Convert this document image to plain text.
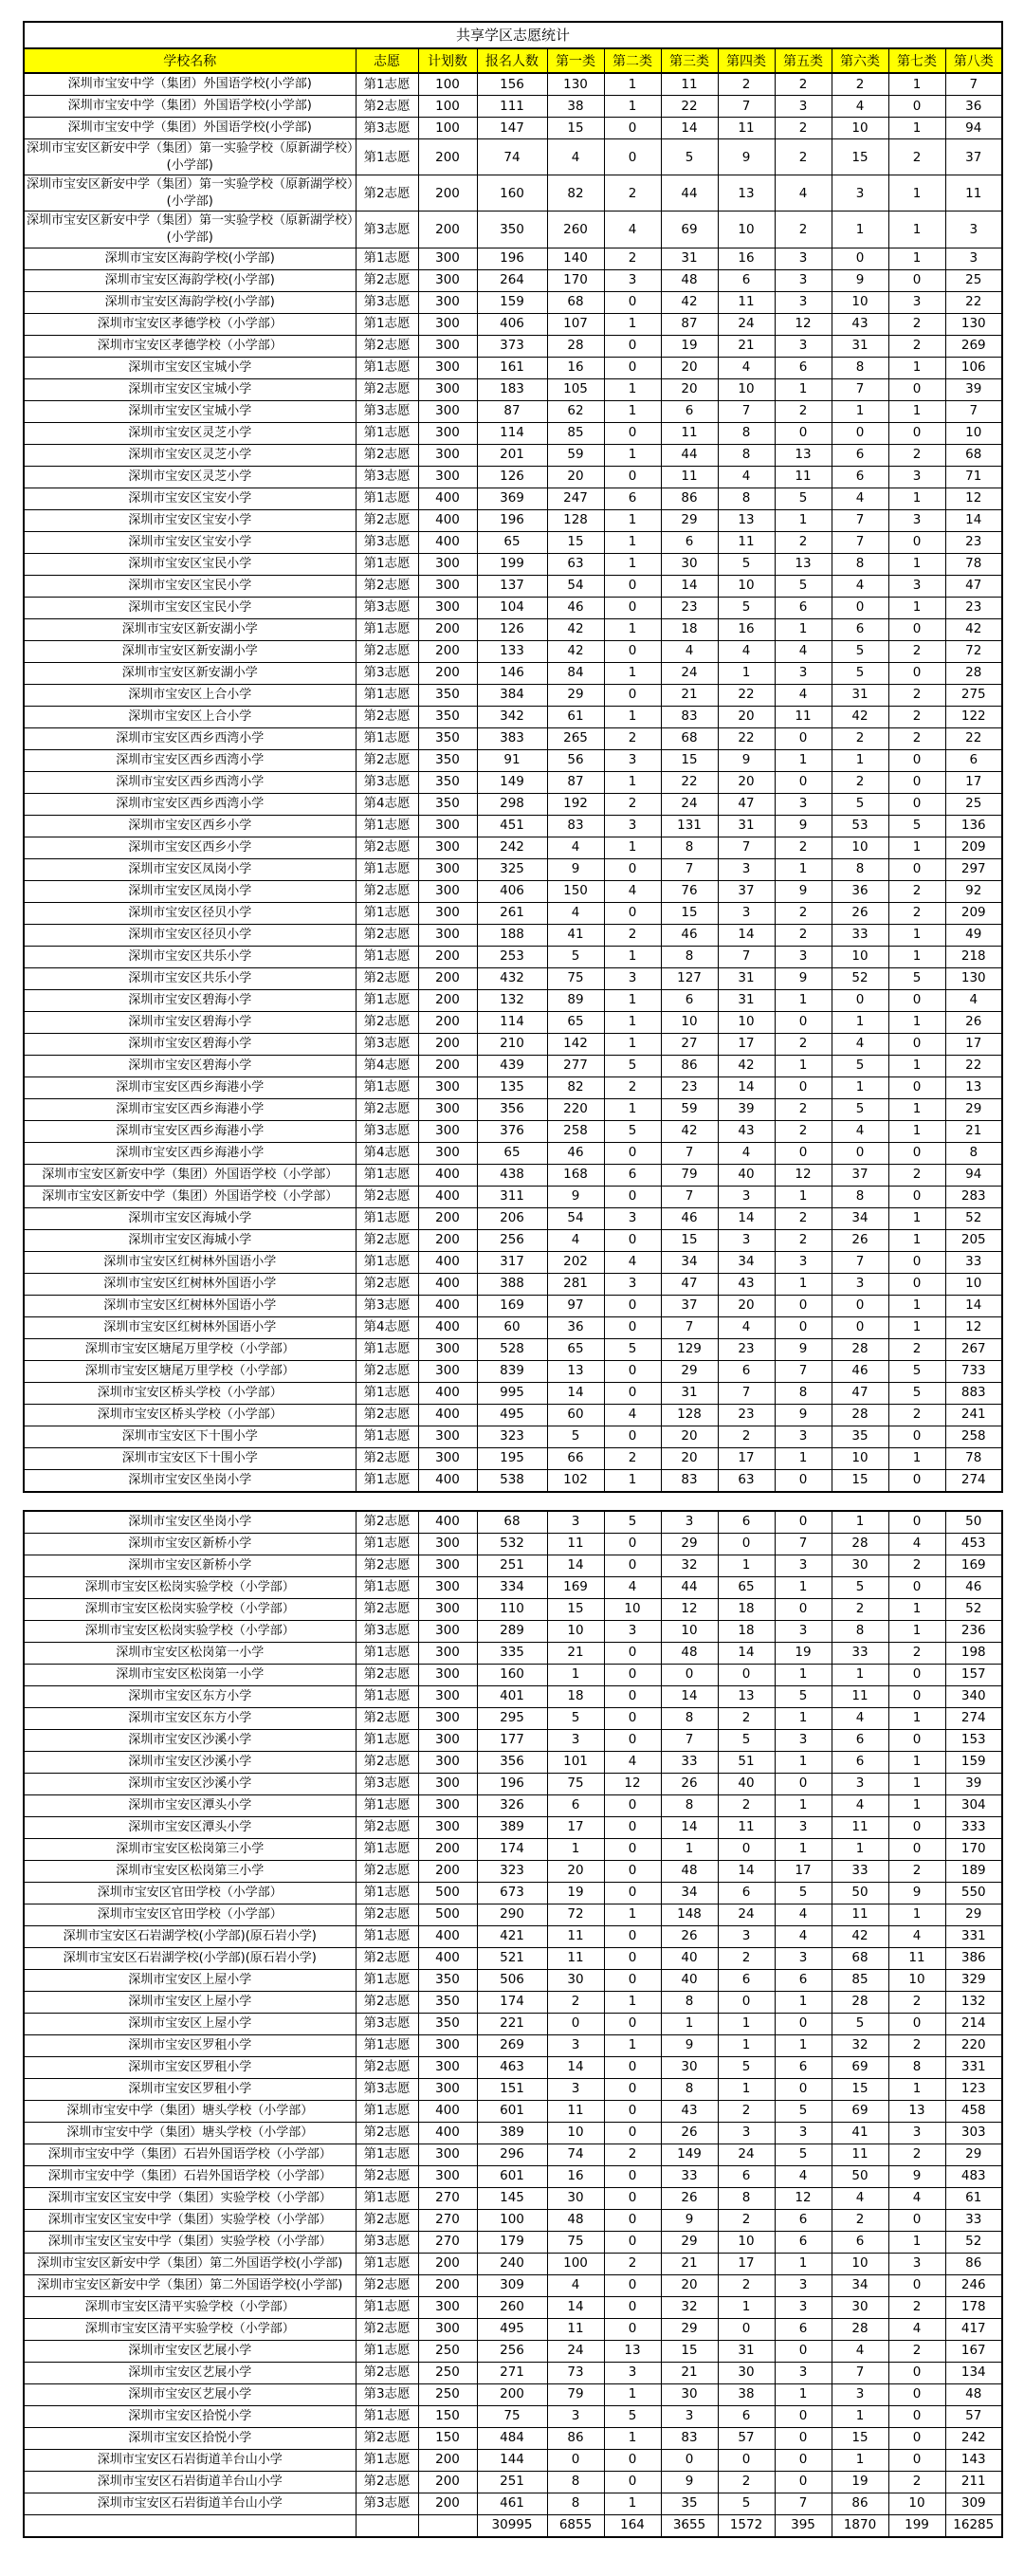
共享学区志愿统计											
学校名称	志愿	计划数	报名人数	第一类	第二类	第三类	第四类	第五类	第六类	第七类	第八类
深圳市宝安中学（集团）外国语学校(小学部)	第1志愿	100	156	130	1	11	2	2	2	1	7
深圳市宝安中学（集团）外国语学校(小学部)	第2志愿	100	111	38	1	22	7	3	4	0	36
深圳市宝安中学（集团）外国语学校(小学部)	第3志愿	100	147	15	0	14	11	2	10	1	94
深圳市宝安区新安中学（集团）第一实验学校（原新湖学校）(小学部)	第1志愿	200	74	4	0	5	9	2	15	2	37
深圳市宝安区新安中学（集团）第一实验学校（原新湖学校）(小学部)	第2志愿	200	160	82	2	44	13	4	3	1	11
深圳市宝安区新安中学（集团）第一实验学校（原新湖学校）(小学部)	第3志愿	200	350	260	4	69	10	2	1	1	3
深圳市宝安区海韵学校(小学部)	第1志愿	300	196	140	2	31	16	3	0	1	3
深圳市宝安区海韵学校(小学部)	第2志愿	300	264	170	3	48	6	3	9	0	25
深圳市宝安区海韵学校(小学部)	第3志愿	300	159	68	0	42	11	3	10	3	22
深圳市宝安区孝德学校（小学部）	第1志愿	300	406	107	1	87	24	12	43	2	130
深圳市宝安区孝德学校（小学部）	第2志愿	300	373	28	0	19	21	3	31	2	269
深圳市宝安区宝城小学	第1志愿	300	161	16	0	20	4	6	8	1	106
深圳市宝安区宝城小学	第2志愿	300	183	105	1	20	10	1	7	0	39
深圳市宝安区宝城小学	第3志愿	300	87	62	1	6	7	2	1	1	7
深圳市宝安区灵芝小学	第1志愿	300	114	85	0	11	8	0	0	0	10
深圳市宝安区灵芝小学	第2志愿	300	201	59	1	44	8	13	6	2	68
深圳市宝安区灵芝小学	第3志愿	300	126	20	0	11	4	11	6	3	71
深圳市宝安区宝安小学	第1志愿	400	369	247	6	86	8	5	4	1	12
深圳市宝安区宝安小学	第2志愿	400	196	128	1	29	13	1	7	3	14
深圳市宝安区宝安小学	第3志愿	400	65	15	1	6	11	2	7	0	23
深圳市宝安区宝民小学	第1志愿	300	199	63	1	30	5	13	8	1	78
深圳市宝安区宝民小学	第2志愿	300	137	54	0	14	10	5	4	3	47
深圳市宝安区宝民小学	第3志愿	300	104	46	0	23	5	6	0	1	23
深圳市宝安区新安湖小学	第1志愿	200	126	42	1	18	16	1	6	0	42
深圳市宝安区新安湖小学	第2志愿	200	133	42	0	4	4	4	5	2	72
深圳市宝安区新安湖小学	第3志愿	200	146	84	1	24	1	3	5	0	28
深圳市宝安区上合小学	第1志愿	350	384	29	0	21	22	4	31	2	275
深圳市宝安区上合小学	第2志愿	350	342	61	1	83	20	11	42	2	122
深圳市宝安区西乡西湾小学	第1志愿	350	383	265	2	68	22	0	2	2	22
深圳市宝安区西乡西湾小学	第2志愿	350	91	56	3	15	9	1	1	0	6
深圳市宝安区西乡西湾小学	第3志愿	350	149	87	1	22	20	0	2	0	17
深圳市宝安区西乡西湾小学	第4志愿	350	298	192	2	24	47	3	5	0	25
深圳市宝安区西乡小学	第1志愿	300	451	83	3	131	31	9	53	5	136
深圳市宝安区西乡小学	第2志愿	300	242	4	1	8	7	2	10	1	209
深圳市宝安区凤岗小学	第1志愿	300	325	9	0	7	3	1	8	0	297
深圳市宝安区凤岗小学	第2志愿	300	406	150	4	76	37	9	36	2	92
深圳市宝安区径贝小学	第1志愿	300	261	4	0	15	3	2	26	2	209
深圳市宝安区径贝小学	第2志愿	300	188	41	2	46	14	2	33	1	49
深圳市宝安区共乐小学	第1志愿	200	253	5	1	8	7	3	10	1	218
深圳市宝安区共乐小学	第2志愿	200	432	75	3	127	31	9	52	5	130
深圳市宝安区碧海小学	第1志愿	200	132	89	1	6	31	1	0	0	4
深圳市宝安区碧海小学	第2志愿	200	114	65	1	10	10	0	1	1	26
深圳市宝安区碧海小学	第3志愿	200	210	142	1	27	17	2	4	0	17
深圳市宝安区碧海小学	第4志愿	200	439	277	5	86	42	1	5	1	22
深圳市宝安区西乡海港小学	第1志愿	300	135	82	2	23	14	0	1	0	13
深圳市宝安区西乡海港小学	第2志愿	300	356	220	1	59	39	2	5	1	29
深圳市宝安区西乡海港小学	第3志愿	300	376	258	5	42	43	2	4	1	21
深圳市宝安区西乡海港小学	第4志愿	300	65	46	0	7	4	0	0	0	8
深圳市宝安区新安中学（集团）外国语学校（小学部）	第1志愿	400	438	168	6	79	40	12	37	2	94
深圳市宝安区新安中学（集团）外国语学校（小学部）	第2志愿	400	311	9	0	7	3	1	8	0	283
深圳市宝安区海城小学	第1志愿	200	206	54	3	46	14	2	34	1	52
深圳市宝安区海城小学	第2志愿	200	256	4	0	15	3	2	26	1	205
深圳市宝安区红树林外国语小学	第1志愿	400	317	202	4	34	34	3	7	0	33
深圳市宝安区红树林外国语小学	第2志愿	400	388	281	3	47	43	1	3	0	10
深圳市宝安区红树林外国语小学	第3志愿	400	169	97	0	37	20	0	0	1	14
深圳市宝安区红树林外国语小学	第4志愿	400	60	36	0	7	4	0	0	1	12
深圳市宝安区塘尾万里学校（小学部）	第1志愿	300	528	65	5	129	23	9	28	2	267
深圳市宝安区塘尾万里学校（小学部）	第2志愿	300	839	13	0	29	6	7	46	5	733
深圳市宝安区桥头学校（小学部）	第1志愿	400	995	14	0	31	7	8	47	5	883
深圳市宝安区桥头学校（小学部）	第2志愿	400	495	60	4	128	23	9	28	2	241
深圳市宝安区下十围小学	第1志愿	300	323	5	0	20	2	3	35	0	258
深圳市宝安区下十围小学	第2志愿	300	195	66	2	20	17	1	10	1	78
深圳市宝安区坐岗小学	第1志愿	400	538	102	1	83	63	0	15	0	274
深圳市宝安区坐岗小学	第2志愿	400	68	3	5	3	6	0	1	0	50
深圳市宝安区新桥小学	第1志愿	300	532	11	0	29	0	7	28	4	453
深圳市宝安区新桥小学	第2志愿	300	251	14	0	32	1	3	30	2	169
深圳市宝安区松岗实验学校（小学部）	第1志愿	300	334	169	4	44	65	1	5	0	46
深圳市宝安区松岗实验学校（小学部）	第2志愿	300	110	15	10	12	18	0	2	1	52
深圳市宝安区松岗实验学校（小学部）	第3志愿	300	289	10	3	10	18	3	8	1	236
深圳市宝安区松岗第一小学	第1志愿	300	335	21	0	48	14	19	33	2	198
深圳市宝安区松岗第一小学	第2志愿	300	160	1	0	0	0	1	1	0	157
深圳市宝安区东方小学	第1志愿	300	401	18	0	14	13	5	11	0	340
深圳市宝安区东方小学	第2志愿	300	295	5	0	8	2	1	4	1	274
深圳市宝安区沙溪小学	第1志愿	300	177	3	0	7	5	3	6	0	153
深圳市宝安区沙溪小学	第2志愿	300	356	101	4	33	51	1	6	1	159
深圳市宝安区沙溪小学	第3志愿	300	196	75	12	26	40	0	3	1	39
深圳市宝安区潭头小学	第1志愿	300	326	6	0	8	2	1	4	1	304
深圳市宝安区潭头小学	第2志愿	300	389	17	0	14	11	3	11	0	333
深圳市宝安区松岗第三小学	第1志愿	200	174	1	0	1	0	1	1	0	170
深圳市宝安区松岗第三小学	第2志愿	200	323	20	0	48	14	17	33	2	189
深圳市宝安区官田学校（小学部）	第1志愿	500	673	19	0	34	6	5	50	9	550
深圳市宝安区官田学校（小学部）	第2志愿	500	290	72	1	148	24	4	11	1	29
深圳市宝安区石岩湖学校(小学部)(原石岩小学)	第1志愿	400	421	11	0	26	3	4	42	4	331
深圳市宝安区石岩湖学校(小学部)(原石岩小学)	第2志愿	400	521	11	0	40	2	3	68	11	386
深圳市宝安区上屋小学	第1志愿	350	506	30	0	40	6	6	85	10	329
深圳市宝安区上屋小学	第2志愿	350	174	2	1	8	0	1	28	2	132
深圳市宝安区上屋小学	第3志愿	350	221	0	0	1	1	0	5	0	214
深圳市宝安区罗租小学	第1志愿	300	269	3	1	9	1	1	32	2	220
深圳市宝安区罗租小学	第2志愿	300	463	14	0	30	5	6	69	8	331
深圳市宝安区罗租小学	第3志愿	300	151	3	0	8	1	0	15	1	123
深圳市宝安中学（集团）塘头学校（小学部）	第1志愿	400	601	11	0	43	2	5	69	13	458
深圳市宝安中学（集团）塘头学校（小学部）	第2志愿	400	389	10	0	26	3	3	41	3	303
深圳市宝安中学（集团）石岩外国语学校（小学部）	第1志愿	300	296	74	2	149	24	5	11	2	29
深圳市宝安中学（集团）石岩外国语学校（小学部）	第2志愿	300	601	16	0	33	6	4	50	9	483
深圳市宝安区宝安中学（集团）实验学校（小学部）	第1志愿	270	145	30	0	26	8	12	4	4	61
深圳市宝安区宝安中学（集团）实验学校（小学部）	第2志愿	270	100	48	0	9	2	6	2	0	33
深圳市宝安区宝安中学（集团）实验学校（小学部）	第3志愿	270	179	75	0	29	10	6	6	1	52
深圳市宝安区新安中学（集团）第二外国语学校(小学部)	第1志愿	200	240	100	2	21	17	1	10	3	86
深圳市宝安区新安中学（集团）第二外国语学校(小学部)	第2志愿	200	309	4	0	20	2	3	34	0	246
深圳市宝安区清平实验学校（小学部）	第1志愿	300	260	14	0	32	1	3	30	2	178
深圳市宝安区清平实验学校（小学部）	第2志愿	300	495	11	0	29	0	6	28	4	417
深圳市宝安区艺展小学	第1志愿	250	256	24	13	15	31	0	4	2	167
深圳市宝安区艺展小学	第2志愿	250	271	73	3	21	30	3	7	0	134
深圳市宝安区艺展小学	第3志愿	250	200	79	1	30	38	1	3	0	48
深圳市宝安区拾悦小学	第1志愿	150	75	3	5	3	6	0	1	0	57
深圳市宝安区拾悦小学	第2志愿	150	484	86	1	83	57	0	15	0	242
深圳市宝安区石岩街道羊台山小学	第1志愿	200	144	0	0	0	0	0	1	0	143
深圳市宝安区石岩街道羊台山小学	第2志愿	200	251	8	0	9	2	0	19	2	211
深圳市宝安区石岩街道羊台山小学	第3志愿	200	461	8	1	35	5	7	86	10	309
			30995	6855	164	3655	1572	395	1870	199	16285
